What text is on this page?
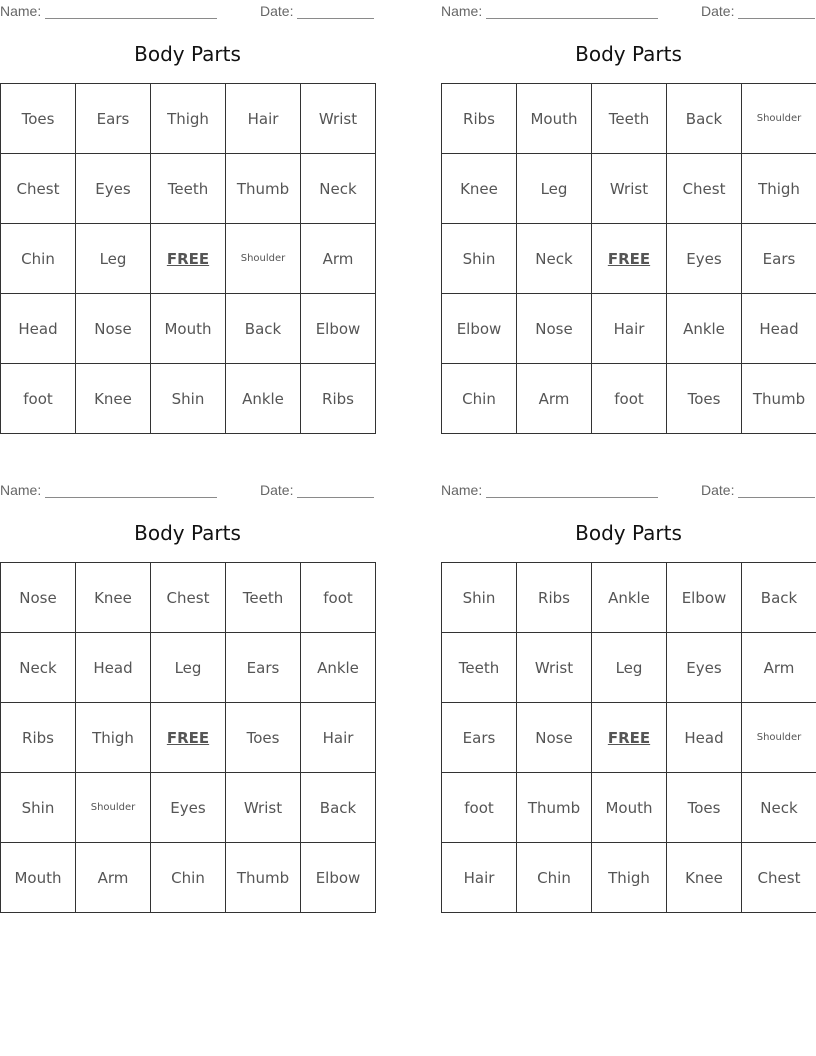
Name:	Date:
Body Parts
Toes	Ears	Thigh	Hair	Wrist
Chest	Eyes	Teeth	Thumb	Neck
Chin	Leg	FREE	Shoulder	Arm
Head	Nose	Mouth	Back	Elbow
foot	Knee	Shin	Ankle	Ribs
Name:	Date:
Body Parts
Ribs	Mouth	Teeth	Back	Shoulder
Knee	Leg	Wrist	Chest	Thigh
Shin	Neck	FREE	Eyes	Ears
Elbow	Nose	Hair	Ankle	Head
Chin	Arm	foot	Toes	Thumb
Name:	Date:
Body Parts
Nose	Knee	Chest	Teeth	foot
Neck	Head	Leg	Ears	Ankle
Ribs	Thigh	FREE	Toes	Hair
Shin	Shoulder	Eyes	Wrist	Back
Mouth	Arm	Chin	Thumb	Elbow
Name:	Date:
Body Parts
Shin	Ribs	Ankle	Elbow	Back
Teeth	Wrist	Leg	Eyes	Arm
Ears	Nose	FREE	Head	Shoulder
foot	Thumb	Mouth	Toes	Neck
Hair	Chin	Thigh	Knee	Chest
